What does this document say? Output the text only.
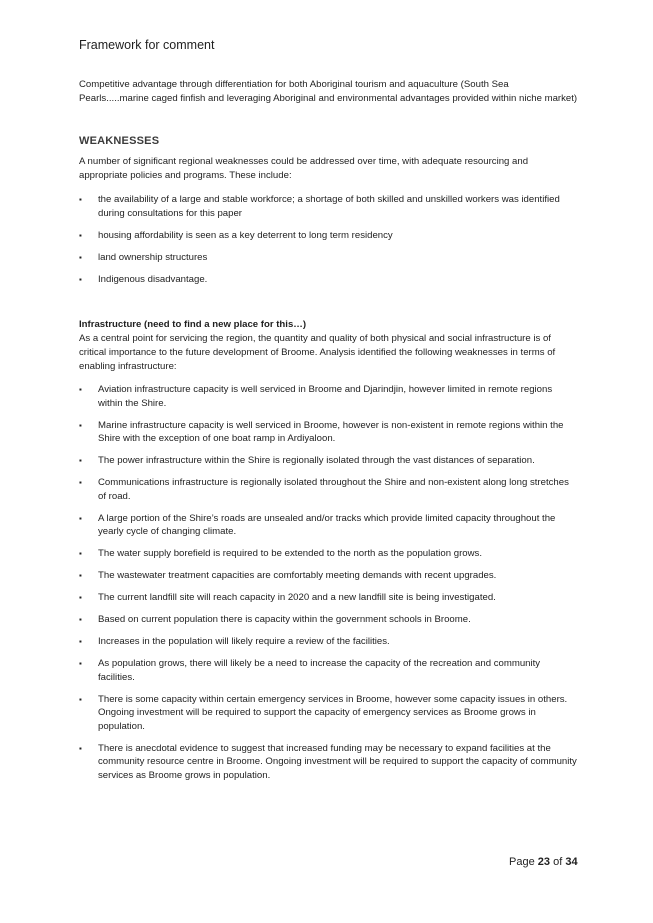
Framework for comment
Competitive advantage through differentiation for both Aboriginal tourism and aquaculture (South Sea Pearls.....marine caged finfish and leveraging Aboriginal and environmental advantages provided within niche market)
WEAKNESSES
A number of significant regional weaknesses could be addressed over time, with adequate resourcing and appropriate policies and programs. These include:
▪ the availability of a large and stable workforce; a shortage of both skilled and unskilled workers was identified during consultations for this paper
▪ housing affordability is seen as a key deterrent to long term residency
▪ land ownership structures
▪ Indigenous disadvantage.
Infrastructure (need to find a new place for this…)
As a central point for servicing the region, the quantity and quality of both physical and social infrastructure is of critical importance to the future development of Broome. Analysis identified the following weaknesses in terms of enabling infrastructure:
▪ Aviation infrastructure capacity is well serviced in Broome and Djarindjin, however limited in remote regions within the Shire.
▪ Marine infrastructure capacity is well serviced in Broome, however is non-existent in remote regions within the Shire with the exception of one boat ramp in Ardiyaloon.
▪ The power infrastructure within the Shire is regionally isolated through the vast distances of separation.
▪ Communications infrastructure is regionally isolated throughout the Shire and non-existent along long stretches of road.
▪ A large portion of the Shire’s roads are unsealed and/or tracks which provide limited capacity throughout the yearly cycle of changing climate.
▪ The water supply borefield is required to be extended to the north as the population grows.
▪ The wastewater treatment capacities are comfortably meeting demands with recent upgrades.
▪ The current landfill site will reach capacity in 2020 and a new landfill site is being investigated.
▪ Based on current population there is capacity within the government schools in Broome.
▪ Increases in the population will likely require a review of the facilities.
▪ As population grows, there will likely be a need to increase the capacity of the recreation and community facilities.
▪ There is some capacity within certain emergency services in Broome, however some capacity issues in others. Ongoing investment will be required to support the capacity of emergency services as Broome grows in population.
▪ There is anecdotal evidence to suggest that increased funding may be necessary to expand facilities at the community resource centre in Broome. Ongoing investment will be required to support the capacity of community services as Broome grows in population.
Page 23 of 34
